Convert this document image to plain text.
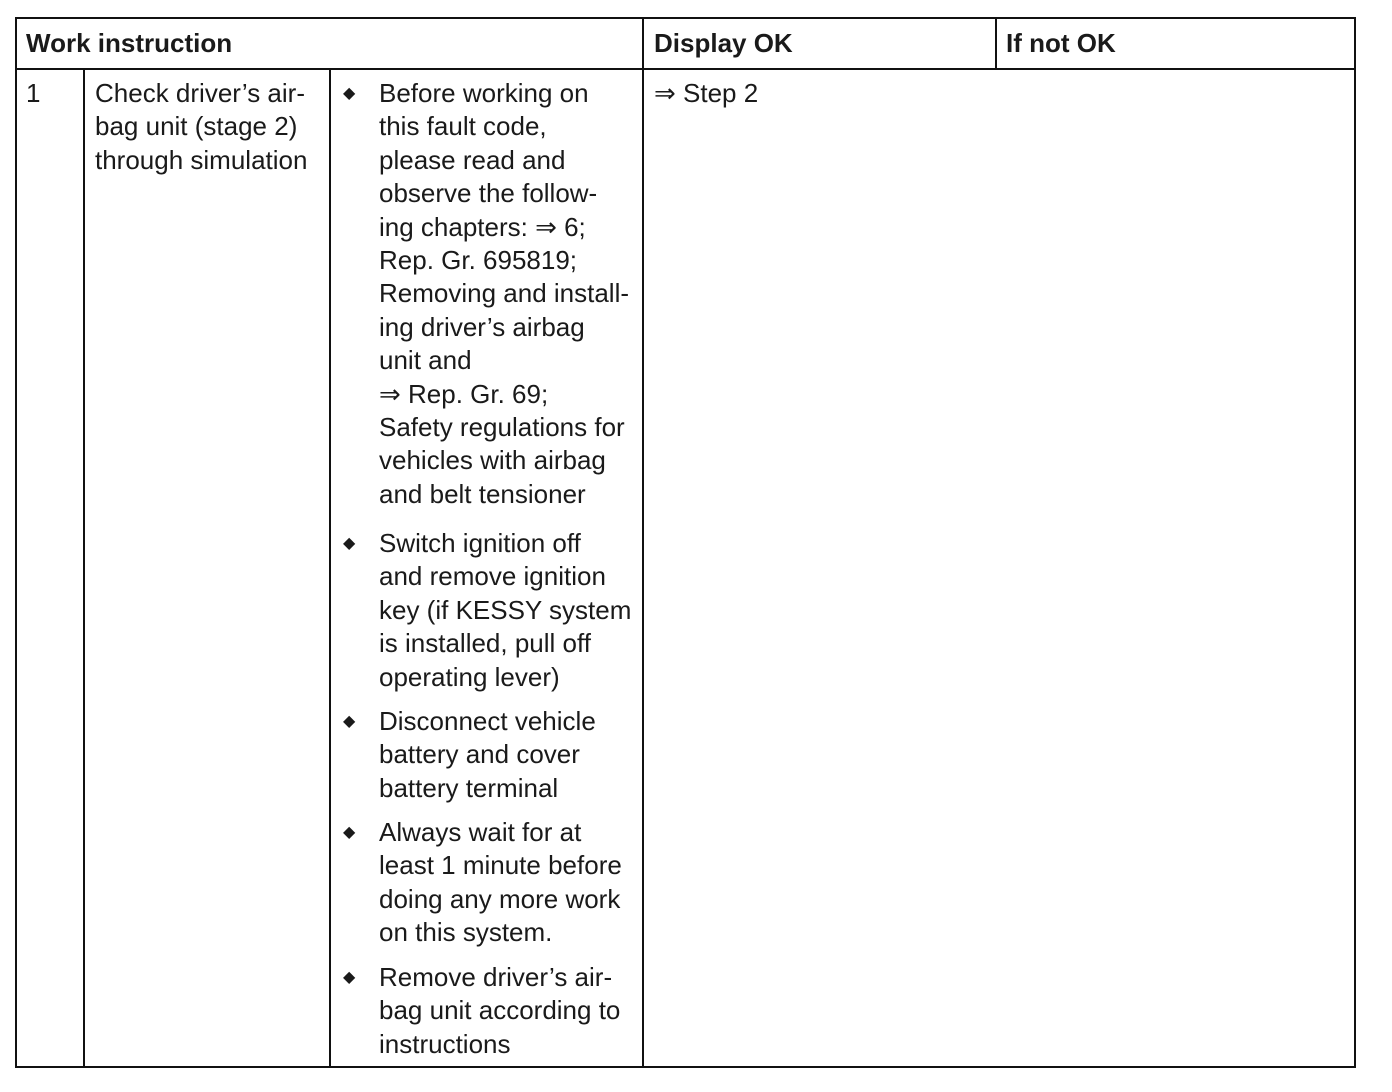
Work instruction	Display OK	If not OK
1 Check driver’s air-
bag unit (stage 2)
through simulation
◆ Before working on
this fault code,
please read and
observe the follow-
ing chapters: ⇒ 6;
Rep. Gr. 695819;
Removing and install-
ing driver’s airbag
unit and
⇒ Rep. Gr. 69;
Safety regulations for
vehicles with airbag
and belt tensioner
◆ Switch ignition off
and remove ignition
key (if KESSY system
is installed, pull off
operating lever)
◆ Disconnect vehicle
battery and cover
battery terminal
◆ Always wait for at
least 1 minute before
doing any more work
on this system.
◆ Remove driver’s air-
bag unit according to
instructions
⇒ Step 2
